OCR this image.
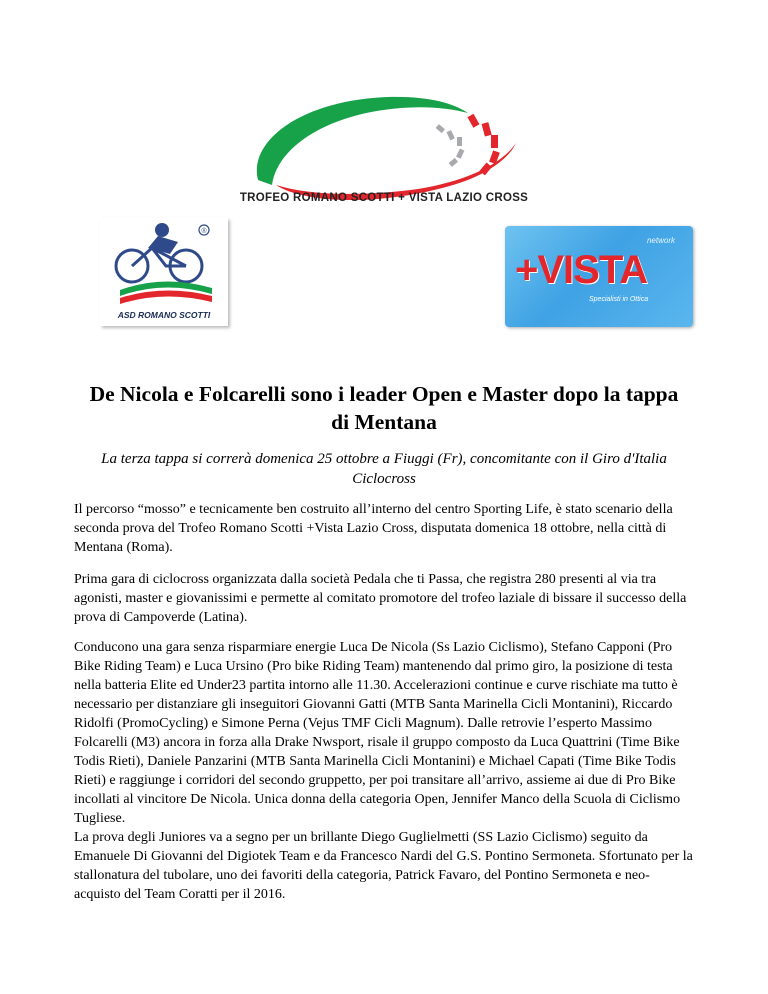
TROFEO ROMANO SCOTTI + VISTA LAZIO CROSS
®
ASD ROMANO SCOTTI
network
+VISTA
Specialisti in Ottica
De Nicola e Folcarelli sono i leader Open e Master dopo la tappa di Mentana
La terza tappa si correrà domenica 25 ottobre a Fiuggi (Fr), concomitante con il Giro d'Italia Ciclocross

Il percorso “mosso” e tecnicamente ben costruito all’interno del centro Sporting Life, è stato scenario della seconda prova del Trofeo Romano Scotti +Vista Lazio Cross, disputata domenica 18 ottobre, nella città di Mentana (Roma).

Prima gara di ciclocross organizzata dalla società Pedala che ti Passa, che registra 280 presenti al via tra agonisti, master e giovanissimi e permette al comitato promotore del trofeo laziale di bissare il successo della prova di Campoverde (Latina).

Conducono una gara senza risparmiare energie Luca De Nicola (Ss Lazio Ciclismo), Stefano Capponi (Pro Bike Riding Team) e Luca Ursino (Pro bike Riding Team) mantenendo dal primo giro, la posizione di testa nella batteria Elite ed Under23 partita intorno alle 11.30. Accelerazioni continue e curve rischiate ma tutto è necessario per distanziare gli inseguitori Giovanni Gatti (MTB Santa Marinella Cicli Montanini), Riccardo Ridolfi (PromoCycling) e Simone Perna (Vejus TMF Cicli Magnum). Dalle retrovie l’esperto Massimo Folcarelli (M3) ancora in forza alla Drake Nwsport, risale il gruppo composto da Luca Quattrini (Time Bike Todis Rieti), Daniele Panzarini (MTB Santa Marinella Cicli Montanini) e Michael Capati (Time Bike Todis Rieti) e raggiunge i corridori del secondo gruppetto, per poi transitare all’arrivo, assieme ai due di Pro Bike incollati al vincitore De Nicola. Unica donna della categoria Open, Jennifer Manco della Scuola di Ciclismo Tugliese.

La prova degli Juniores va a segno per un brillante Diego Guglielmetti (SS Lazio Ciclismo) seguito da Emanuele Di Giovanni del Digiotek Team e da Francesco Nardi del G.S. Pontino Sermoneta. Sfortunato per la stallonatura del tubolare, uno dei favoriti della categoria, Patrick Favaro, del Pontino Sermoneta e neo-acquisto del Team Coratti per il 2016.
